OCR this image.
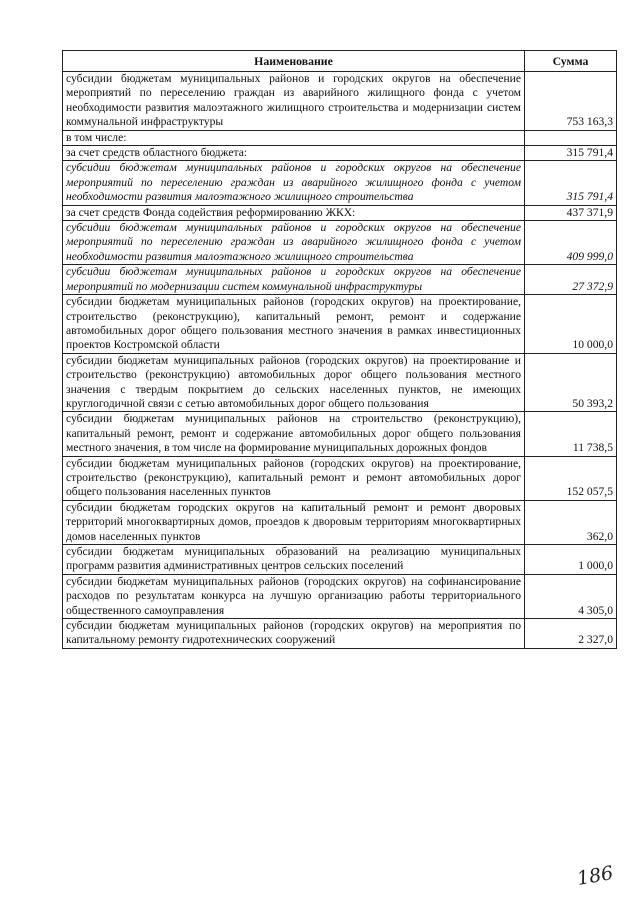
Наименование	Сумма
субсидии бюджетам муниципальных районов и городских округов на обеспечение мероприятий по переселению граждан из аварийного жилищного фонда с учетом необходимости развития малоэтажного жилищного строительства и модернизации систем коммунальной инфраструктуры	753 163,3
в том числе:	
за счет средств областного бюджета:	315 791,4
субсидии бюджетам муниципальных районов и городских округов на обеспечение мероприятий по переселению граждан из аварийного жилищного фонда с учетом необходимости развития малоэтажного жилищного строительства	315 791,4
за счет средств Фонда содействия реформированию ЖКХ:	437 371,9
субсидии бюджетам муниципальных районов и городских округов на обеспечение мероприятий по переселению граждан из аварийного жилищного фонда с учетом необходимости развития малоэтажного жилищного строительства	409 999,0
субсидии бюджетам муниципальных районов и городских округов на обеспечение мероприятий по модернизации систем коммунальной инфраструктуры	27 372,9
субсидии бюджетам муниципальных районов (городских округов) на проектирование, строительство (реконструкцию), капитальный ремонт, ремонт и содержание автомобильных дорог общего пользования местного значения в рамках инвестиционных проектов Костромской области	10 000,0
субсидии бюджетам муниципальных районов (городских округов) на проектирование и строительство (реконструкцию) автомобильных дорог общего пользования местного значения с твердым покрытием до сельских населенных пунктов, не имеющих круглогодичной связи с сетью автомобильных дорог общего пользования	50 393,2
субсидии бюджетам муниципальных районов на строительство (реконструкцию), капитальный ремонт, ремонт и содержание автомобильных дорог общего пользования местного значения, в том числе на формирование муниципальных дорожных фондов	11 738,5
субсидии бюджетам муниципальных районов (городских округов) на проектирование, строительство (реконструкцию), капитальный ремонт и ремонт автомобильных дорог общего пользования населенных пунктов	152 057,5
субсидии бюджетам городских округов на капитальный ремонт и ремонт дворовых территорий многоквартирных домов, проездов к дворовым территориям многоквартирных домов населенных пунктов	362,0
субсидии бюджетам муниципальных образований на реализацию муниципальных программ развития административных центров сельских поселений	1 000,0
субсидии бюджетам муниципальных районов (городских округов) на софинансирование расходов по результатам конкурса на лучшую организацию работы территориального общественного самоуправления	4 305,0
субсидии бюджетам муниципальных районов (городских округов) на мероприятия по капитальному ремонту гидротехнических сооружений	2 327,0
186
